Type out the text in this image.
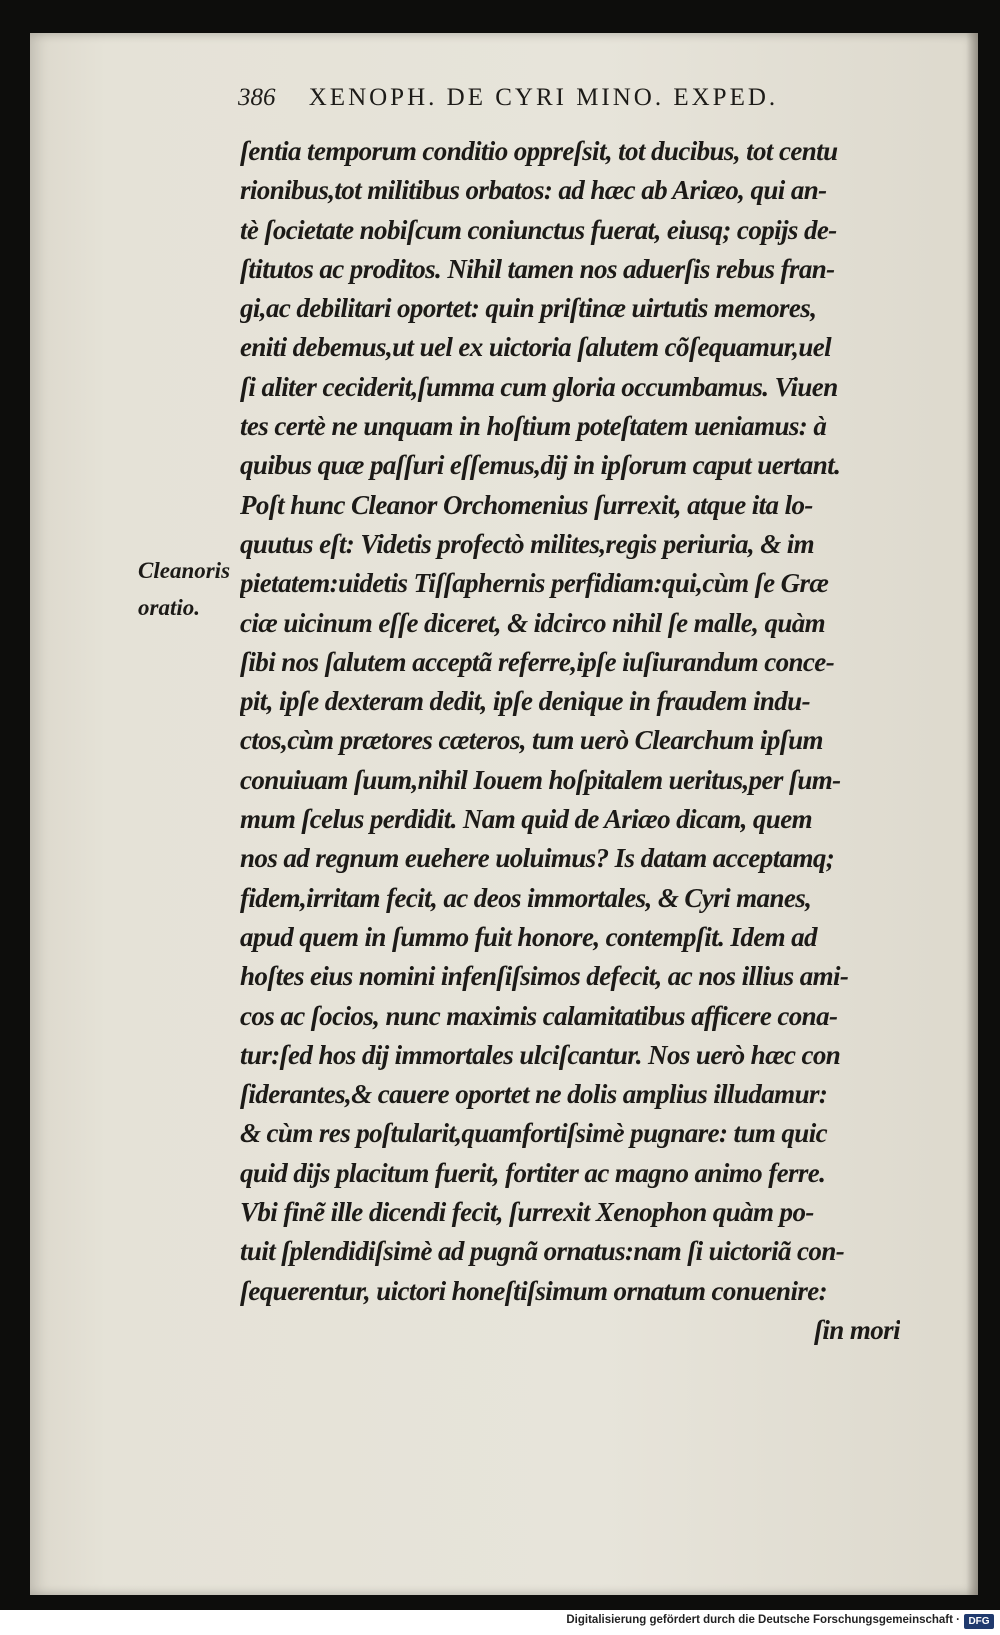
386 XENOPH. DE CYRI MINO. EXPED.
Cleanoris
oratio.
ſentia temporum conditio oppreſsit, tot ducibus, tot centu
rionibus,tot militibus orbatos: ad hæc ab Ariæo, qui an-
tè ſocietate nobiſcum coniunctus fuerat, eiusq; copijs de-
ſtitutos ac proditos. Nihil tamen nos aduerſis rebus fran-
gi,ac debilitari oportet: quin priſtinæ uirtutis memores,
eniti debemus,ut uel ex uictoria ſalutem cõſequamur,uel
ſi aliter ceciderit,ſumma cum gloria occumbamus. Viuen
tes certè ne unquam in hoſtium poteſtatem ueniamus: à
quibus quæ paſſuri eſſemus,dij in ipſorum caput uertant.
Poſt hunc Cleanor Orchomenius ſurrexit, atque ita lo-
quutus eſt: Videtis profectò milites,regis periuria, & im
pietatem:uidetis Tiſſaphernis perfidiam:qui,cùm ſe Græ
ciæ uicinum eſſe diceret, & idcirco nihil ſe malle, quàm
ſibi nos ſalutem acceptã referre,ipſe iuſiurandum conce-
pit, ipſe dexteram dedit, ipſe denique in fraudem indu-
ctos,cùm prætores cæteros, tum uerò Clearchum ipſum
conuiuam ſuum,nihil Iouem hoſpitalem ueritus,per ſum-
mum ſcelus perdidit. Nam quid de Ariæo dicam, quem
nos ad regnum euehere uoluimus? Is datam acceptamq;
fidem,irritam fecit, ac deos immortales, & Cyri manes,
apud quem in ſummo fuit honore, contempſit. Idem ad
hoſtes eius nomini infenſiſsimos defecit, ac nos illius ami-
cos ac ſocios, nunc maximis calamitatibus afficere cona-
tur:ſed hos dij immortales ulciſcantur. Nos uerò hæc con
ſiderantes,& cauere oportet ne dolis amplius illudamur:
& cùm res poſtularit,quamfortiſsimè pugnare: tum quic
quid dijs placitum fuerit, fortiter ac magno animo ferre.
Vbi finẽ ille dicendi fecit, ſurrexit Xenophon quàm po-
tuit ſplendidiſsimè ad pugnã ornatus:nam ſi uictoriã con-
ſequerentur, uictori honeſtiſsimum ornatum conuenire:
ſin mori
Digitalisierung gefördert durch die Deutsche Forschungsgemeinschaft · DFG
